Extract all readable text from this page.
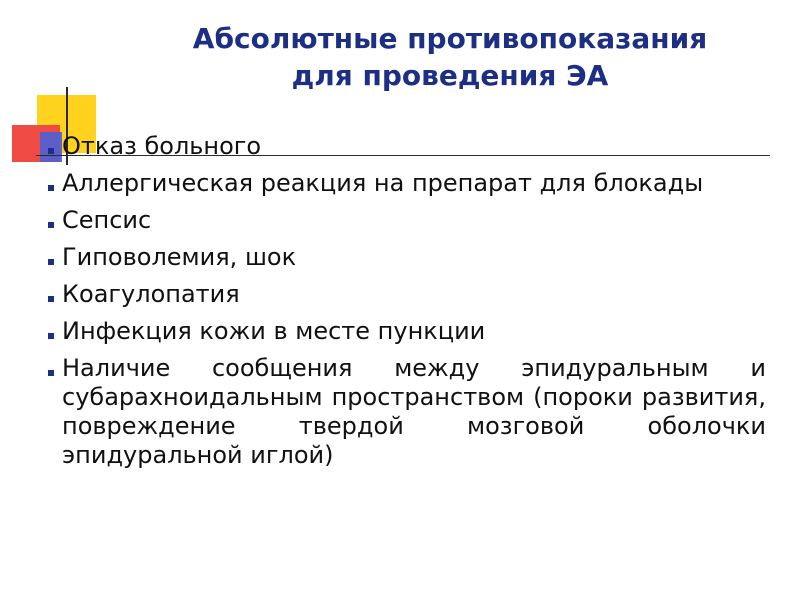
Абсолютные противопоказания
для проведения ЭА
Отказ больного
Аллергическая реакция на препарат для блокады
Сепсис
Гиповолемия, шок
Коагулопатия
Инфекция кожи в месте пункции
Наличие сообщения между эпидуральным и субарахноидальным пространством (пороки развития, повреждение твердой мозговой оболочки эпидуральной иглой)
